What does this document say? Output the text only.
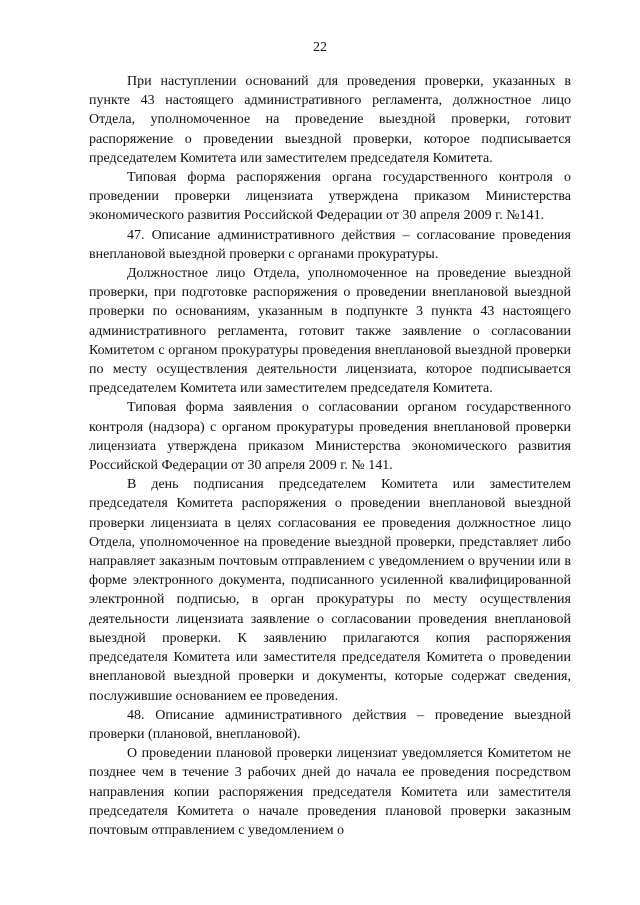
22

При наступлении оснований для проведения проверки, указанных в пункте 43 настоящего административного регламента, должностное лицо Отдела, уполномоченное на проведение выездной проверки, готовит распоряжение о проведении выездной проверки, которое подписывается председателем Комитета или заместителем председателя Комитета.

Типовая форма распоряжения органа государственного контроля о проведении проверки лицензиата утверждена приказом Министерства экономического развития Российской Федерации от 30 апреля 2009 г. №141.

47. Описание административного действия – согласование проведения внеплановой выездной проверки с органами прокуратуры.

Должностное лицо Отдела, уполномоченное на проведение выездной проверки, при подготовке распоряжения о проведении внеплановой выездной проверки по основаниям, указанным в подпункте 3 пункта 43 настоящего административного регламента, готовит также заявление о согласовании Комитетом с органом прокуратуры проведения внеплановой выездной проверки по месту осуществления деятельности лицензиата, которое подписывается председателем Комитета или заместителем председателя Комитета.

Типовая форма заявления о согласовании органом государственного контроля (надзора) с органом прокуратуры проведения внеплановой проверки лицензиата утверждена приказом Министерства экономического развития Российской Федерации от 30 апреля 2009 г. № 141.

В день подписания председателем Комитета или заместителем председателя Комитета распоряжения о проведении внеплановой выездной проверки лицензиата в целях согласования ее проведения должностное лицо Отдела, уполномоченное на проведение выездной проверки, представляет либо направляет заказным почтовым отправлением с уведомлением о вручении или в форме электронного документа, подписанного усиленной квалифицированной электронной подписью, в орган прокуратуры по месту осуществления деятельности лицензиата заявление о согласовании проведения внеплановой выездной проверки. К заявлению прилагаются копия распоряжения председателя Комитета или заместителя председателя Комитета о проведении внеплановой выездной проверки и документы, которые содержат сведения, послужившие основанием ее проведения.

48. Описание административного действия – проведение выездной проверки (плановой, внеплановой).

О проведении плановой проверки лицензиат уведомляется Комитетом не позднее чем в течение 3 рабочих дней до начала ее проведения посредством направления копии распоряжения председателя Комитета или заместителя председателя Комитета о начале проведения плановой проверки заказным почтовым отправлением с уведомлением о
